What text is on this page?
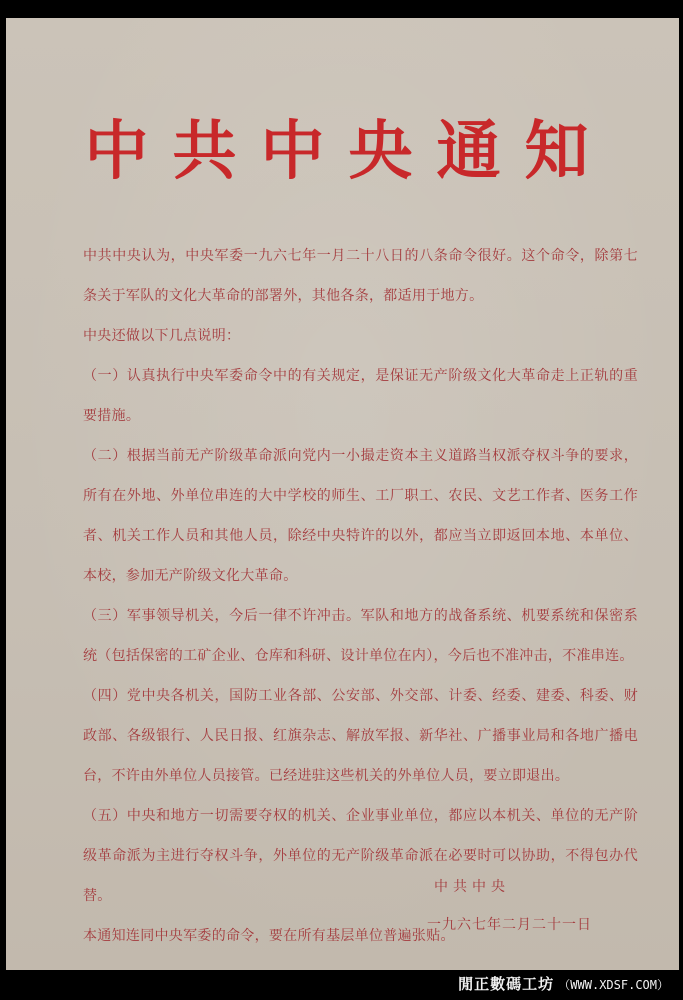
中共中央通知

中共中央认为，中央军委一九六七年一月二十八日的八条命令很好。这个命令，除第七条关于军队的文化大革命的部署外，其他各条，都适用于地方。

中央还做以下几点说明：

（一）认真执行中央军委命令中的有关规定，是保证无产阶级文化大革命走上正轨的重要措施。

（二）根据当前无产阶级革命派向党内一小撮走资本主义道路当权派夺权斗争的要求，所有在外地、外单位串连的大中学校的师生、工厂职工、农民、文艺工作者、医务工作者、机关工作人员和其他人员，除经中央特许的以外，都应当立即返回本地、本单位、本校，参加无产阶级文化大革命。

（三）军事领导机关，今后一律不许冲击。军队和地方的战备系统、机要系统和保密系统（包括保密的工矿企业、仓库和科研、设计单位在内），今后也不准冲击，不准串连。

（四）党中央各机关，国防工业各部、公安部、外交部、计委、经委、建委、科委、财政部、各级银行、人民日报、红旗杂志、解放军报、新华社、广播事业局和各地广播电台，不许由外单位人员接管。已经进驻这些机关的外单位人员，要立即退出。

（五）中央和地方一切需要夺权的机关、企业事业单位，都应以本机关、单位的无产阶级革命派为主进行夺权斗争，外单位的无产阶级革命派在必要时可以协助，不得包办代替。

本通知连同中央军委的命令，要在所有基层单位普遍张贴。

中共中央
一九六七年二月二十一日
閒正數碼工坊 （WWW.XDSF.COM）
